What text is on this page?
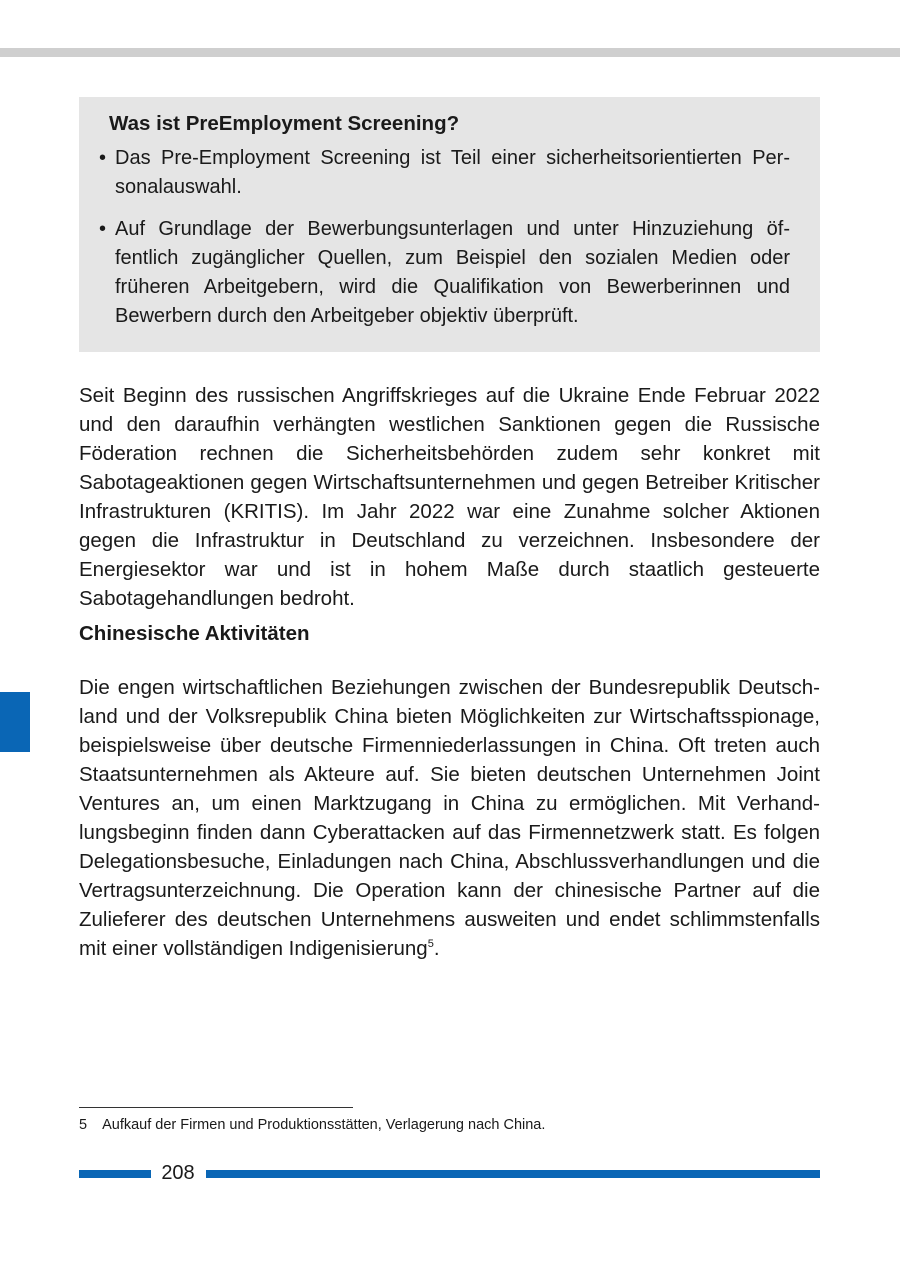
Was ist PreEmployment Screening?
• Das Pre-Employment Screening ist Teil einer sicherheitsorientierten Personalauswahl.
• Auf Grundlage der Bewerbungsunterlagen und unter Hinzuziehung öffentlich zugänglicher Quellen, zum Beispiel den sozialen Medien oder früheren Arbeitgebern, wird die Qualifikation von Bewerberinnen und Bewerbern durch den Arbeitgeber objektiv überprüft.

Seit Beginn des russischen Angriffskrieges auf die Ukraine Ende Februar 2022 und den daraufhin verhängten westlichen Sanktionen gegen die Russische Föderation rechnen die Sicherheitsbehörden zudem sehr konkret mit Sabotageaktionen gegen Wirtschaftsunternehmen und gegen Betreiber Kritischer Infrastrukturen (KRITIS). Im Jahr 2022 war eine Zunahme solcher Aktionen gegen die Infrastruktur in Deutschland zu verzeichnen. Insbesondere der Energiesektor war und ist in hohem Maße durch staatlich gesteuerte Sabotagehandlungen bedroht.

Chinesische Aktivitäten

Die engen wirtschaftlichen Beziehungen zwischen der Bundesrepublik Deutschland und der Volksrepublik China bieten Möglichkeiten zur Wirtschaftsspionage, beispielsweise über deutsche Firmenniederlassungen in China. Oft treten auch Staatsunternehmen als Akteure auf. Sie bieten deutschen Unternehmen Joint Ventures an, um einen Marktzugang in China zu ermöglichen. Mit Verhandlungsbeginn finden dann Cyberattacken auf das Firmennetzwerk statt. Es folgen Delegationsbesuche, Einladungen nach China, Abschlussverhandlungen und die Vertragsunterzeichnung. Die Operation kann der chinesische Partner auf die Zulieferer des deutschen Unternehmens ausweiten und endet schlimmstenfalls mit einer vollständigen Indigenisierung$^5$.

5 Aufkauf der Firmen und Produktionsstätten, Verlagerung nach China.

208
